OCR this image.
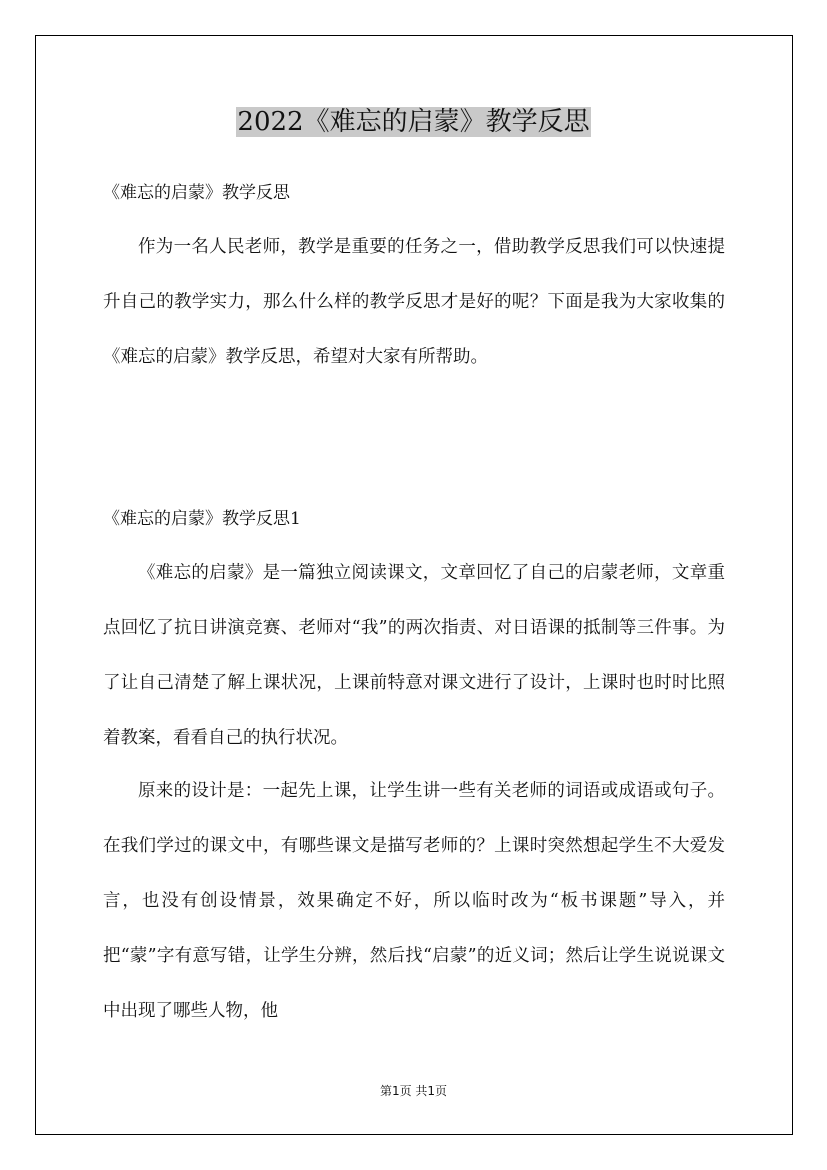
2022《难忘的启蒙》教学反思
《难忘的启蒙》教学反思

作为一名人民老师，教学是重要的任务之一，借助教学反思我们可以快速提升自己的教学实力，那么什么样的教学反思才是好的呢？下面是我为大家收集的《难忘的启蒙》教学反思，希望对大家有所帮助。

《难忘的启蒙》教学反思1

《难忘的启蒙》是一篇独立阅读课文，文章回忆了自己的启蒙老师，文章重点回忆了抗日讲演竞赛、老师对“我”的两次指责、对日语课的抵制等三件事。为了让自己清楚了解上课状况，上课前特意对课文进行了设计，上课时也时时比照着教案，看看自己的执行状况。

原来的设计是：一起先上课，让学生讲一些有关老师的词语或成语或句子。在我们学过的课文中，有哪些课文是描写老师的？上课时突然想起学生不大爱发言，也没有创设情景，效果确定不好，所以临时改为“板书课题”导入，并把“蒙”字有意写错，让学生分辨，然后找“启蒙”的近义词；然后让学生说说课文中出现了哪些人物，他

第1页 共1页
